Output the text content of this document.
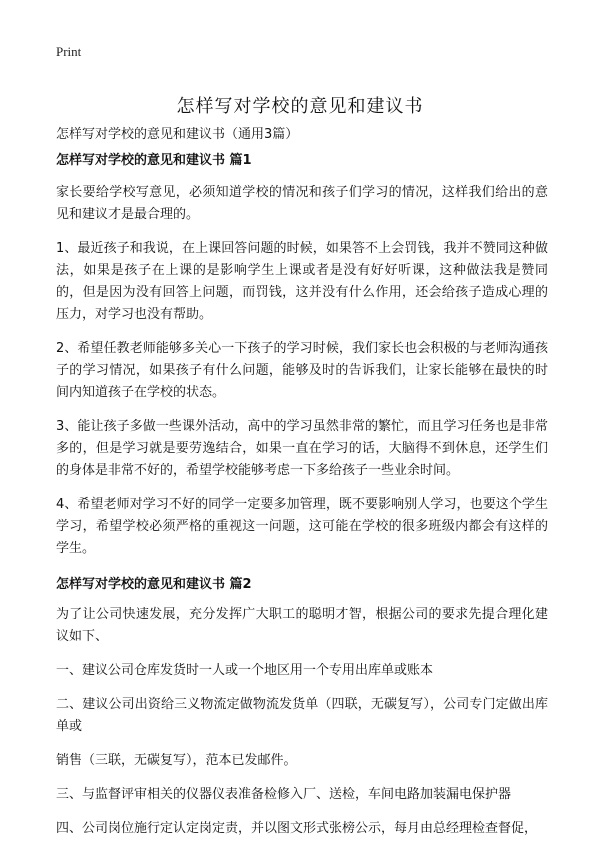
Print
怎样写对学校的意见和建议书
怎样写对学校的意见和建议书（通用3篇）
怎样写对学校的意见和建议书 篇1

家长要给学校写意见，必须知道学校的情况和孩子们学习的情况，这样我们给出的意见和建议才是最合理的。

1、最近孩子和我说，在上课回答问题的时候，如果答不上会罚钱，我并不赞同这种做法，如果是孩子在上课的是影响学生上课或者是没有好好听课，这种做法我是赞同的，但是因为没有回答上问题，而罚钱，这并没有什么作用，还会给孩子造成心理的压力，对学习也没有帮助。

2、希望任教老师能够多关心一下孩子的学习时候，我们家长也会积极的与老师沟通孩子的学习情况，如果孩子有什么问题，能够及时的告诉我们，让家长能够在最快的时间内知道孩子在学校的状态。

3、能让孩子多做一些课外活动，高中的学习虽然非常的繁忙，而且学习任务也是非常多的，但是学习就是要劳逸结合，如果一直在学习的话，大脑得不到休息，还学生们的身体是非常不好的，希望学校能够考虑一下多给孩子一些业余时间。

4、希望老师对学习不好的同学一定要多加管理，既不要影响别人学习，也要这个学生学习，希望学校必须严格的重视这一问题，这可能在学校的很多班级内都会有这样的学生。

怎样写对学校的意见和建议书 篇2

为了让公司快速发展，充分发挥广大职工的聪明才智，根据公司的要求先提合理化建议如下、

一、建议公司仓库发货时一人或一个地区用一个专用出库单或账本

二、建议公司出资给三义物流定做物流发货单（四联，无碳复写），公司专门定做出库单或

销售（三联，无碳复写），范本已发邮件。

三、与监督评审相关的仪器仪表准备检修入厂、送检，车间电路加装漏电保护器

四、公司岗位施行定认定岗定责，并以图文形式张榜公示，每月由总经理检查督促，
